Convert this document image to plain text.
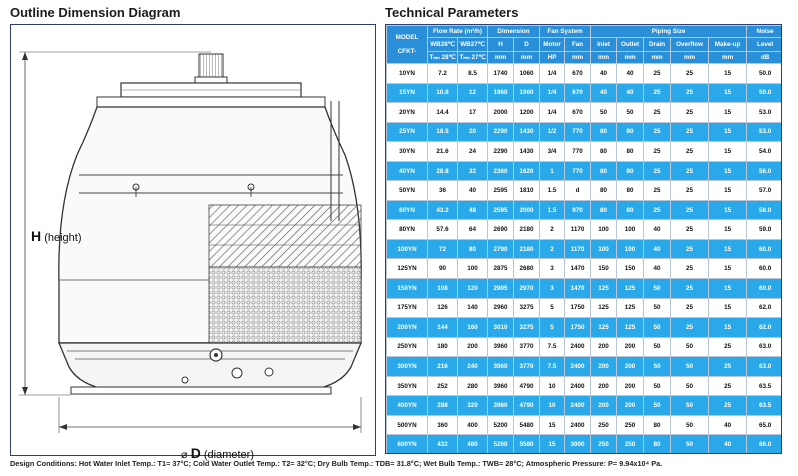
Outline Dimension Diagram	Technical Parameters
H (height)
⌀ D (diameter)
MODEL

CFKT-	Flow Rate (m³/h)		Dimension		Fan System		Piping Size					Noise
	WB28℃	WB27℃	H	D	Motor	Fan	Inlet	Outlet	Drain	Overflow	Make-up	Level
	Tₘₙ 28℃	Tₘₙ 27℃	mm	mm	HP	mm	mm	mm	mm	mm	mm	dB
10YN	7.2	8.5	1740	1060	1/4	670	40	40	25	25	15	50.0
15YN	10.8	12	1960	1060	1/4	670	40	40	25	25	15	50.0
20YN	14.4	17	2000	1200	1/4	670	50	50	25	25	15	53.0
25YN	18.5	20	2290	1430	1/2	770	80	80	25	25	15	53.0
30YN	21.6	24	2290	1430	3/4	770	80	80	25	25	15	54.0
40YN	28.8	32	2360	1620	1	770	80	80	25	25	15	56.0
50YN	36	40	2595	1810	1.5	d	80	80	25	25	15	57.0
60YN	43.2	48	2595	2000	1.5	970	80	80	25	25	15	58.0
80YN	57.6	64	2690	2180	2	1170	100	100	40	25	15	59.0
100YN	72	80	2790	2180	2	1170	100	100	40	25	15	60.0
125YN	90	100	2875	2680	3	1470	150	150	40	25	15	60.0
150YN	108	120	2905	2970	3	1470	125	125	50	25	15	60.0
175YN	126	140	2960	3275	5	1750	125	125	50	25	15	62.0
200YN	144	160	3010	3275	5	1750	125	125	50	25	15	62.0
250YN	180	200	3960	3770	7.5	2400	200	200	50	50	25	63.0
300YN	216	240	3960	3770	7.5	2400	200	200	50	50	25	63.0
350YN	252	280	3960	4790	10	2400	200	200	50	50	25	63.5
400YN	288	320	3960	4790	10	2400	200	200	50	50	25	63.5
500YN	360	400	5200	5480	15	2400	250	250	80	50	40	65.0
600YN	432	480	5260	5580	15	3000	250	250	80	50	40	66.0

Design Conditions: Hot Water Inlet Temp.: T1= 37°C; Cold Water Outlet Temp.: T2= 32°C; Dry Bulb Temp.: TDB= 31.8°C; Wet Bulb Temp.: TWB= 28°C; Atmospheric Pressure: P= 9.94x10⁴ Pa.
